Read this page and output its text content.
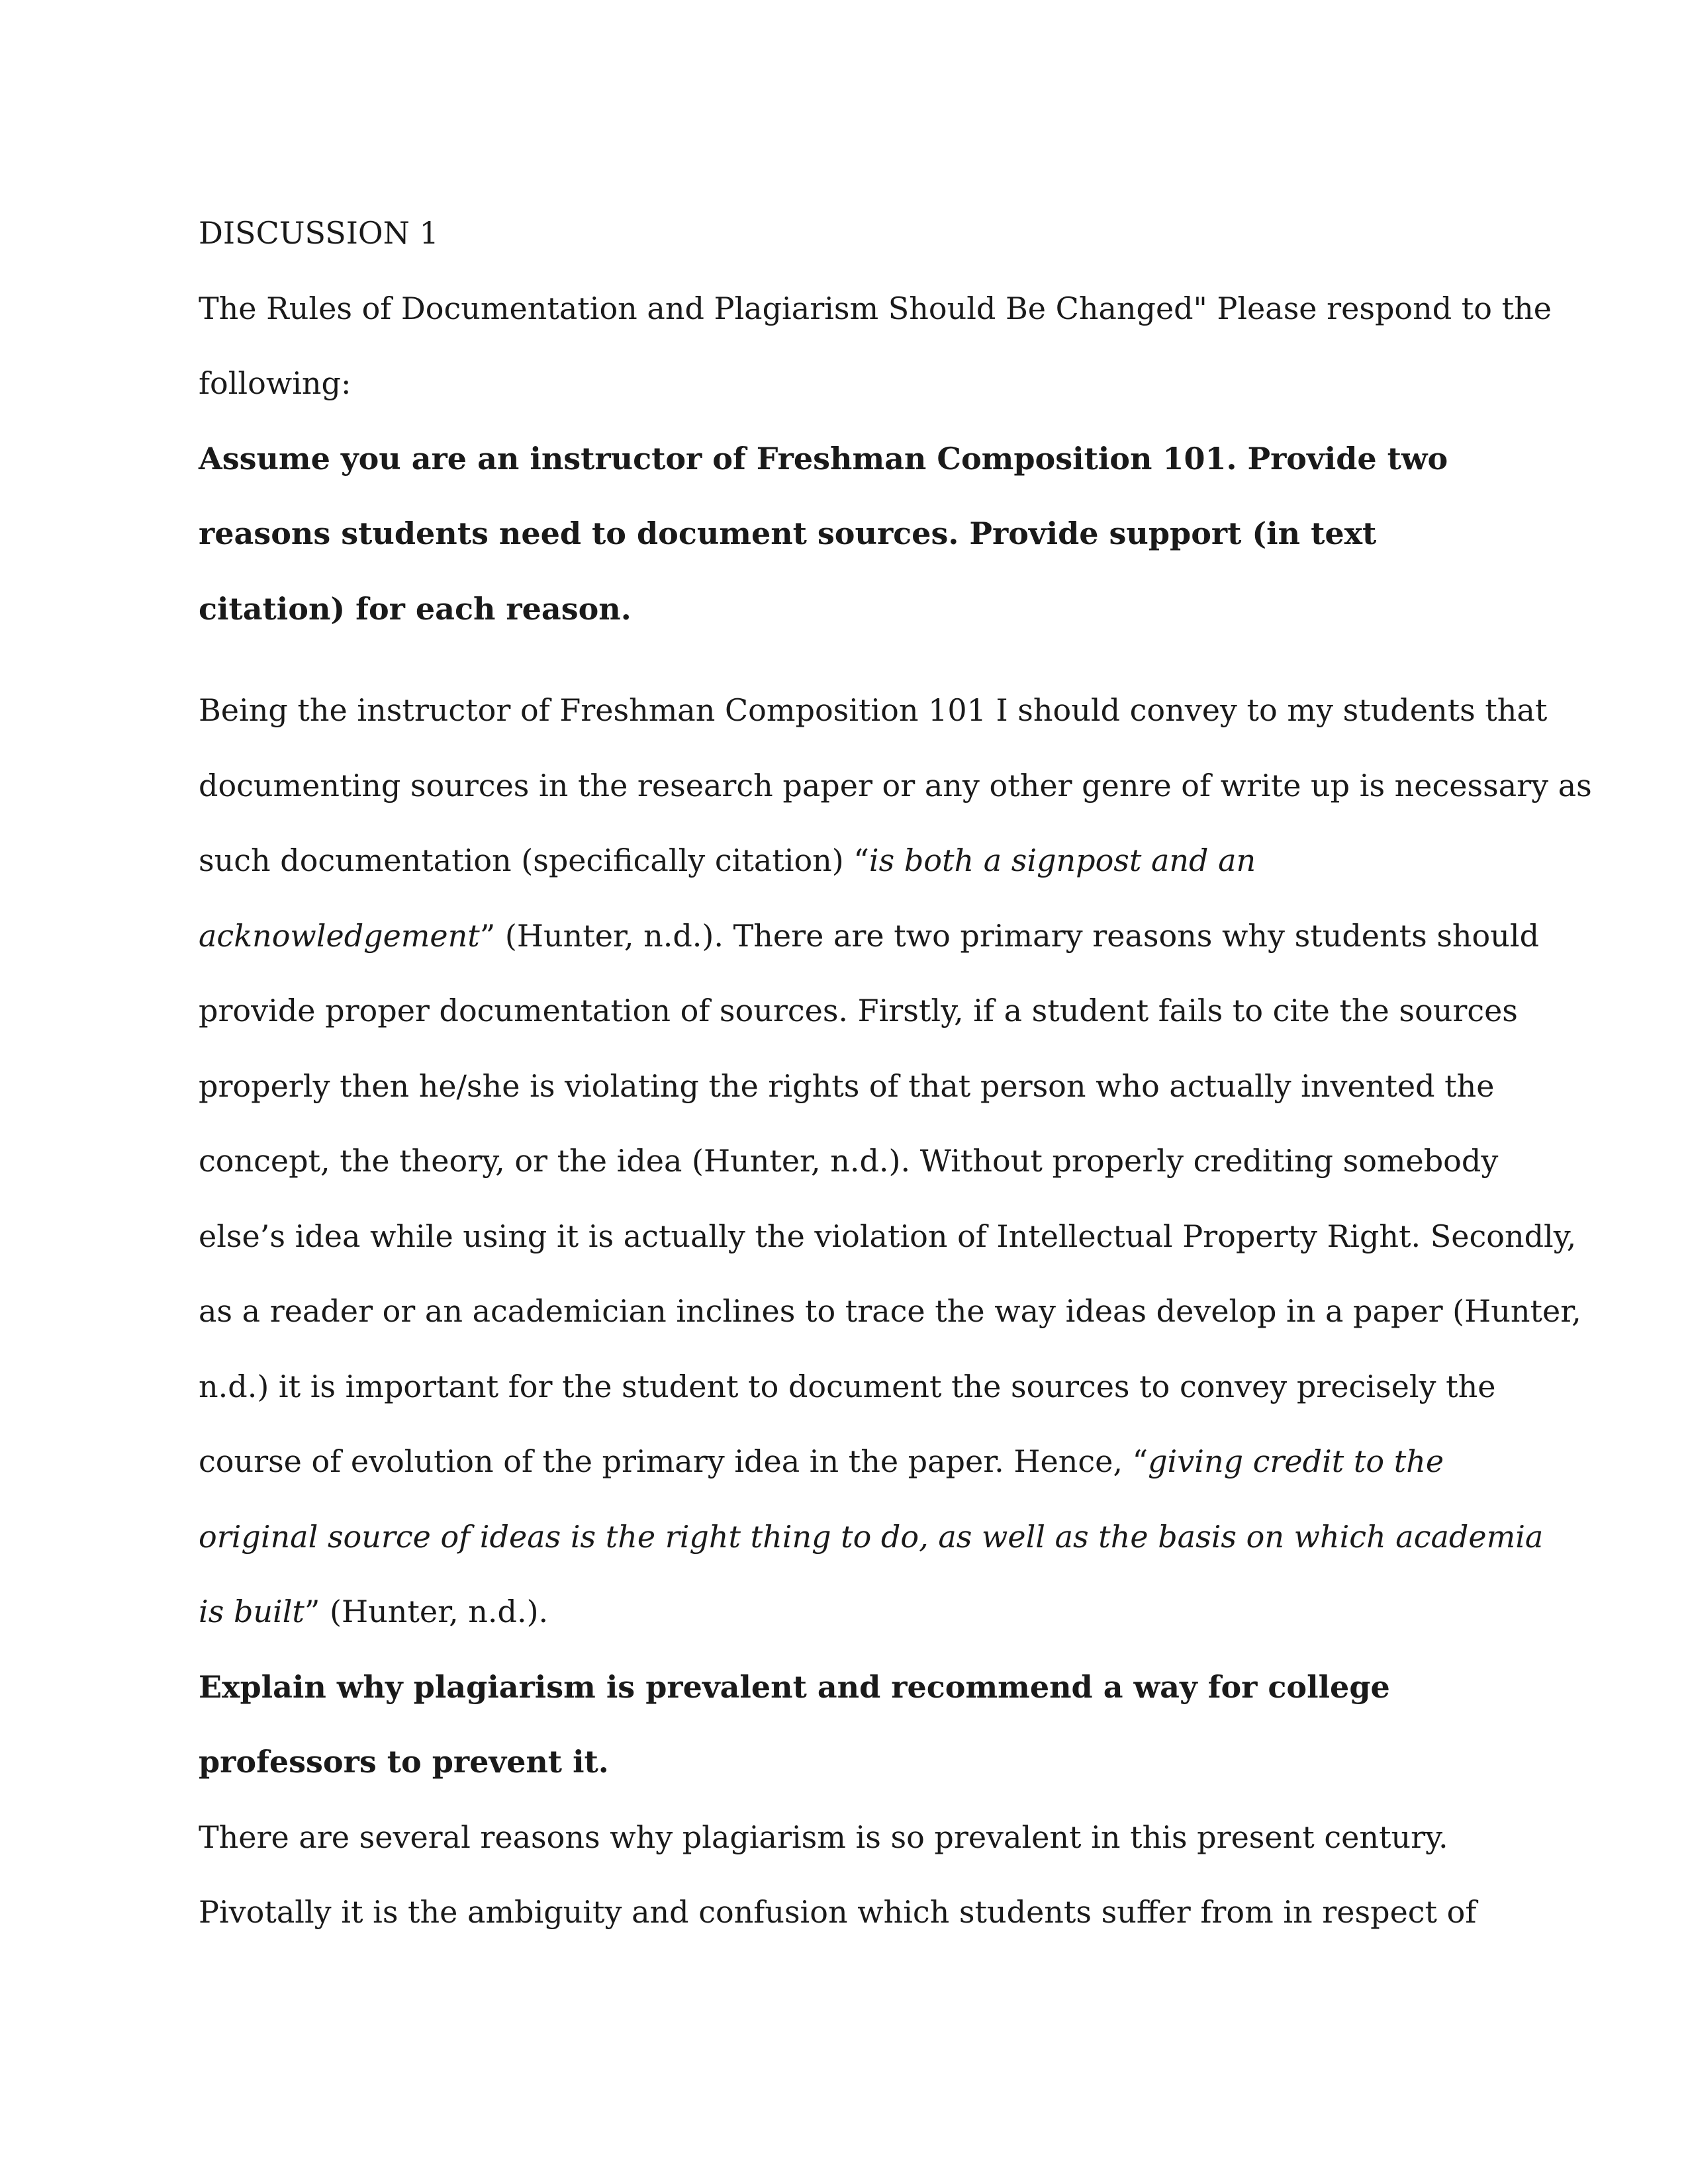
DISCUSSION 1
The Rules of Documentation and Plagiarism Should Be Changed" Please respond to the
following:
Assume you are an instructor of Freshman Composition 101. Provide two
reasons students need to document sources. Provide support (in text
citation) for each reason.
Being the instructor of Freshman Composition 101 I should convey to my students that
documenting sources in the research paper or any other genre of write up is necessary as
such documentation (specifically citation) “is both a signpost and an
acknowledgement” (Hunter, n.d.). There are two primary reasons why students should
provide proper documentation of sources. Firstly, if a student fails to cite the sources
properly then he/she is violating the rights of that person who actually invented the
concept, the theory, or the idea (Hunter, n.d.). Without properly crediting somebody
else’s idea while using it is actually the violation of Intellectual Property Right. Secondly,
as a reader or an academician inclines to trace the way ideas develop in a paper (Hunter,
n.d.) it is important for the student to document the sources to convey precisely the
course of evolution of the primary idea in the paper. Hence, “giving credit to the
original source of ideas is the right thing to do, as well as the basis on which academia
is built” (Hunter, n.d.).
Explain why plagiarism is prevalent and recommend a way for college
professors to prevent it.
There are several reasons why plagiarism is so prevalent in this present century.
Pivotally it is the ambiguity and confusion which students suffer from in respect of
